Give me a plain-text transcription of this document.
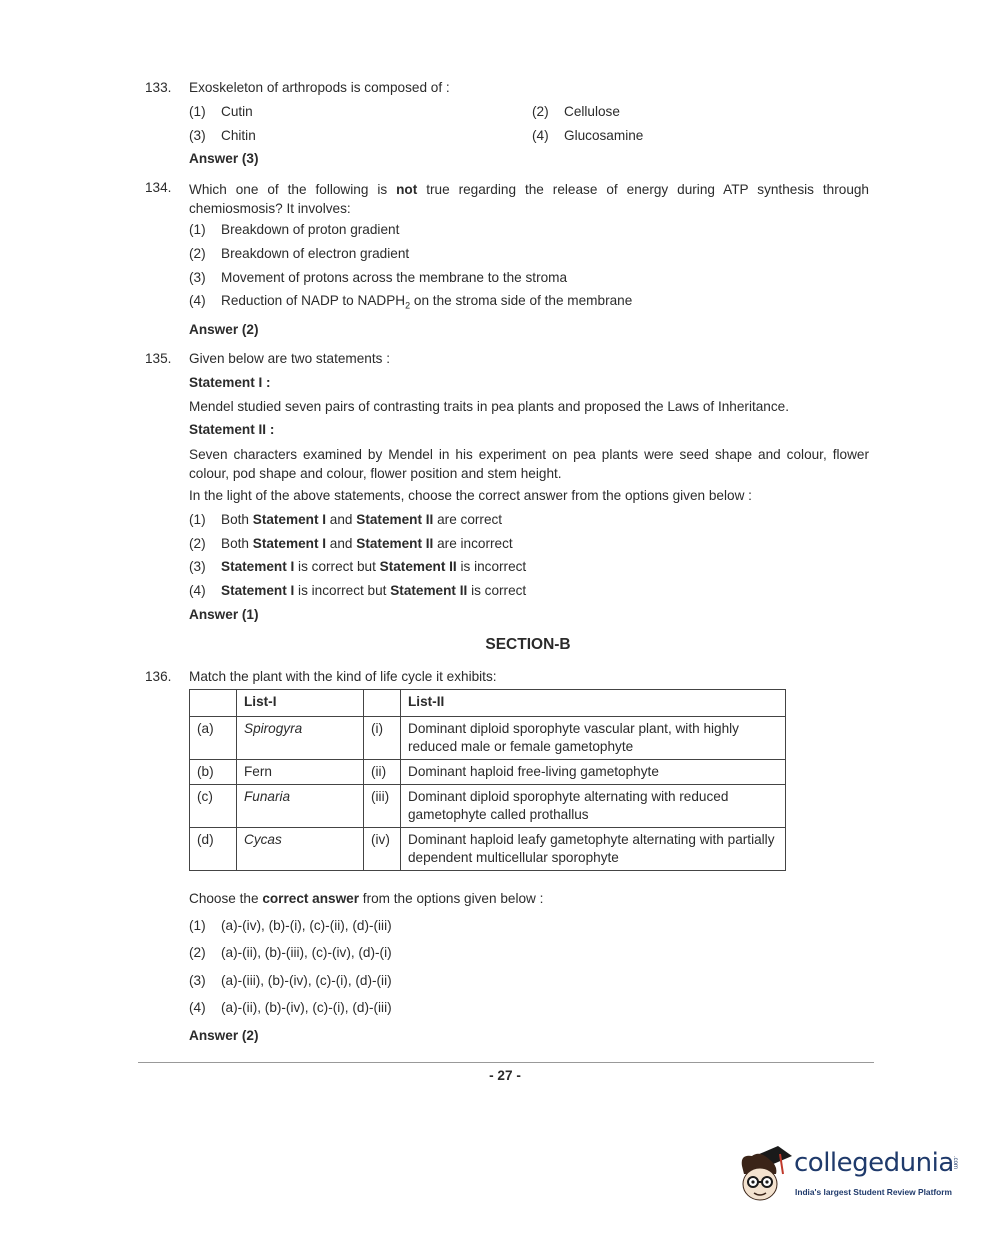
133. Exoskeleton of arthropods is composed of :
(1) Cutin	(2) Cellulose
(3) Chitin	(4) Glucosamine
Answer (3)
134. Which one of the following is not true regarding the release of energy during ATP synthesis through chemiosmosis? It involves:
(1) Breakdown of proton gradient
(2) Breakdown of electron gradient
(3) Movement of protons across the membrane to the stroma
(4) Reduction of NADP to $NADPH_2$ on the stroma side of the membrane
Answer (2)
135. Given below are two statements :
Statement I :
Mendel studied seven pairs of contrasting traits in pea plants and proposed the Laws of Inheritance.
Statement II :
Seven characters examined by Mendel in his experiment on pea plants were seed shape and colour, flower colour, pod shape and colour, flower position and stem height.
In the light of the above statements, choose the correct answer from the options given below :
(1) Both Statement I and Statement II are correct
(2) Both Statement I and Statement II are incorrect
(3) Statement I is correct but Statement II is incorrect
(4) Statement I is incorrect but Statement II is correct
Answer (1)
SECTION-B
136. Match the plant with the kind of life cycle it exhibits:
	List-I		List-II
(a)	Spirogyra	(i)	Dominant diploid sporophyte vascular plant, with highly reduced male or female gametophyte
(b)	Fern	(ii)	Dominant haploid free-living gametophyte
(c)	Funaria	(iii)	Dominant diploid sporophyte alternating with reduced gametophyte called prothallus
(d)	Cycas	(iv)	Dominant haploid leafy gametophyte alternating with partially dependent multicellular sporophyte
Choose the correct answer from the options given below :
(1) (a)-(iv), (b)-(i), (c)-(ii), (d)-(iii)
(2) (a)-(ii), (b)-(iii), (c)-(iv), (d)-(i)
(3) (a)-(iii), (b)-(iv), (c)-(i), (d)-(ii)
(4) (a)-(ii), (b)-(iv), (c)-(i), (d)-(iii)
Answer (2)
- 27 -
collegedunia
.com
India's largest Student Review Platform
